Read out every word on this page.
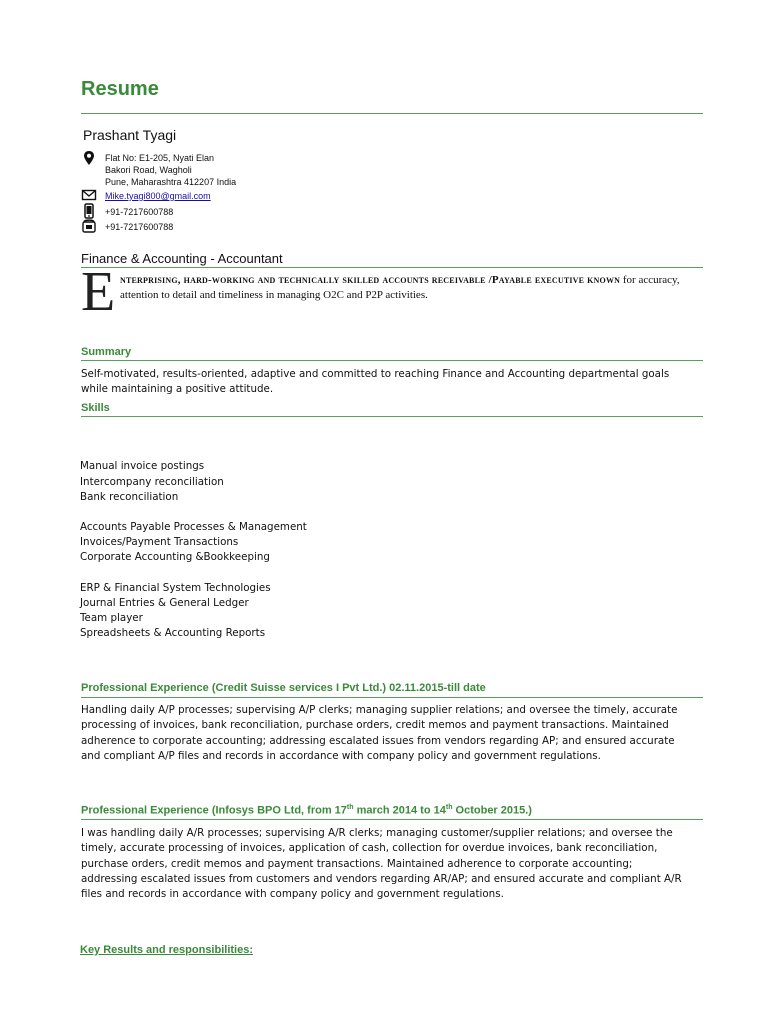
Resume
Prashant Tyagi
Flat No: E1-205, Nyati Elan
Bakori Road, Wagholi
Pune, Maharashtra 412207 India
Mike.tyagi800@gmail.com
+91-7217600788
+91-7217600788
Finance & Accounting - Accountant
E nterprising, hard-working and technically skilled accounts receivable /Payable executive known for accuracy, attention to detail and timeliness in managing O2C and P2P activities.
Summary
Self-motivated, results-oriented, adaptive and committed to reaching Finance and Accounting departmental goals while maintaining a positive attitude.
Skills
Manual invoice postings
Intercompany reconciliation
Bank reconciliation
Accounts Payable Processes & Management
Invoices/Payment Transactions
Corporate Accounting &Bookkeeping
ERP & Financial System Technologies
Journal Entries & General Ledger
Team player
Spreadsheets & Accounting Reports
Professional Experience (Credit Suisse services I Pvt Ltd.) 02.11.2015-till date
Handling daily A/P processes; supervising A/P clerks; managing supplier relations; and oversee the timely, accurate processing of invoices, bank reconciliation, purchase orders, credit memos and payment transactions. Maintained adherence to corporate accounting; addressing escalated issues from vendors regarding AP; and ensured accurate and compliant A/P files and records in accordance with company policy and government regulations.
Professional Experience (Infosys BPO Ltd, from 17th march 2014 to 14th October 2015.)
I was handling daily A/R processes; supervising A/R clerks; managing customer/supplier relations; and oversee the timely, accurate processing of invoices, application of cash, collection for overdue invoices, bank reconciliation, purchase orders, credit memos and payment transactions. Maintained adherence to corporate accounting; addressing escalated issues from customers and vendors regarding AR/AP; and ensured accurate and compliant A/R files and records in accordance with company policy and government regulations.
Key Results and responsibilities:
